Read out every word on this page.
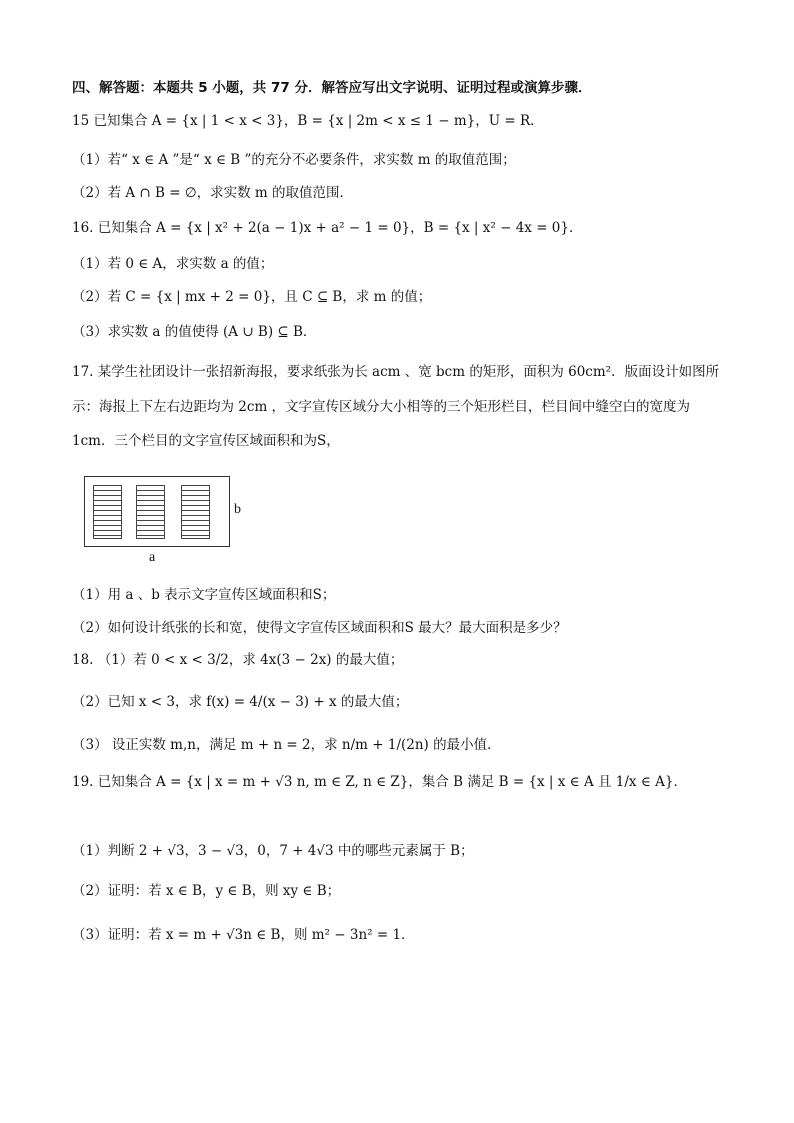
四、解答题：本题共 5 小题，共 77 分．解答应写出文字说明、证明过程或演算步骤．
15 已知集合 A = {x | 1 < x < 3}，B = {x | 2m < x ≤ 1 − m}，U = R．
（1）若“ x ∈ A ”是“ x ∈ B ”的充分不必要条件，求实数 m 的取值范围；
（2）若 A ∩ B = ∅，求实数 m 的取值范围．
16. 已知集合 A = {x | x² + 2(a − 1)x + a² − 1 = 0}，B = {x | x² − 4x = 0}．
（1）若 0 ∈ A，求实数 a 的值；
（2）若 C = {x | mx + 2 = 0}，且 C ⊆ B，求 m 的值；
（3）求实数 a 的值使得 (A ∪ B) ⊆ B．
17. 某学生社团设计一张招新海报，要求纸张为长 acm 、宽 bcm 的矩形，面积为 60cm²．版面设计如图所
示：海报上下左右边距均为 2cm ，文字宣传区域分大小相等的三个矩形栏目，栏目间中缝空白的宽度为
1cm．三个栏目的文字宣传区域面积和为S，
b
a
（1）用 a 、b 表示文字宣传区域面积和S；
（2）如何设计纸张的长和宽，使得文字宣传区域面积和S 最大？最大面积是多少？
18. （1）若 0 < x < 3/2，求 4x(3 − 2x) 的最大值；
（2）已知 x < 3，求 f(x) = 4/(x − 3) + x 的最大值；
（3） 设正实数 m,n，满足 m + n = 2，求 n/m + 1/(2n) 的最小值．
19. 已知集合 A = {x | x = m + √3 n, m ∈ Z, n ∈ Z}，集合 B 满足 B = {x | x ∈ A 且 1/x ∈ A}．
（1）判断 2 + √3，3 − √3，0，7 + 4√3 中的哪些元素属于 B；
（2）证明：若 x ∈ B，y ∈ B，则 xy ∈ B；
（3）证明：若 x = m + √3n ∈ B，则 m² − 3n² = 1．
